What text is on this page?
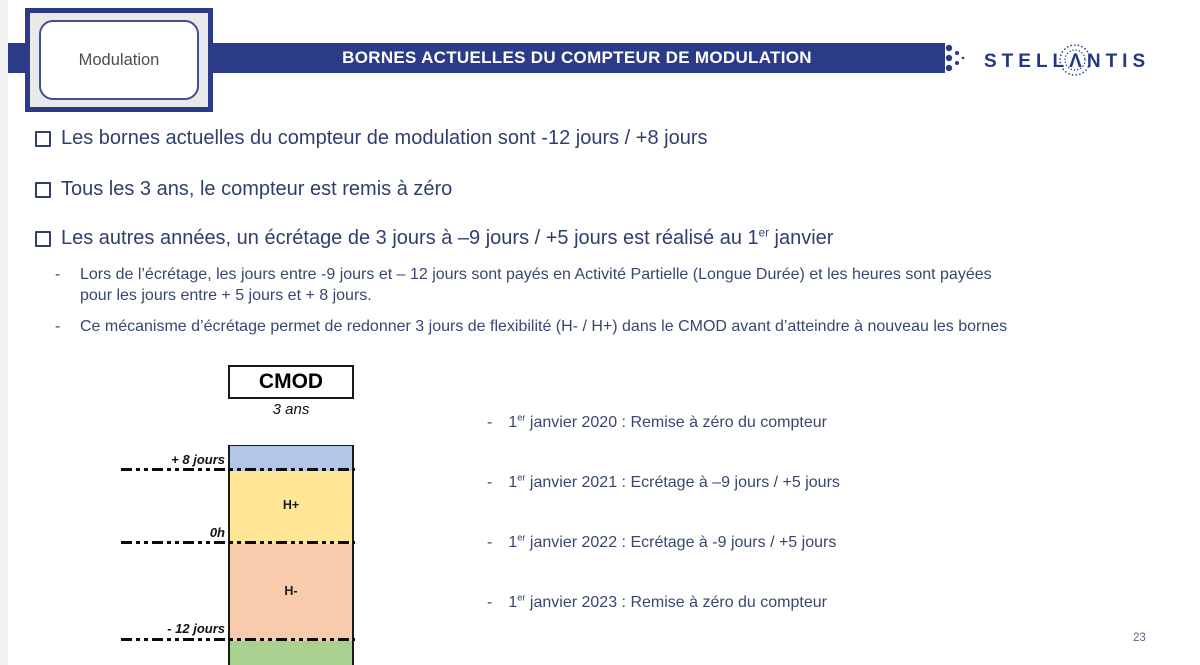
BORNES ACTUELLES DU COMPTEUR DE MODULATION
Modulation	STELLΛNTIS
Les bornes actuelles du compteur de modulation sont -12 jours / +8 jours
Tous les 3 ans, le compteur est remis à zéro
Les autres années, un écrétage de 3 jours à –9 jours / +5 jours est réalisé au 1er janvier
- Lors de l’écrétage, les jours entre -9 jours et – 12 jours sont payés en Activité Partielle (Longue Durée) et les heures sont payées
pour les jours entre + 5 jours et + 8 jours.
- Ce mécanisme d’écrétage permet de redonner 3 jours de flexibilité (H- / H+) dans le CMOD avant d’atteindre à nouveau les bornes
CMOD
3 ans
H+
H-
+ 8 jours
0h
- 12 jours
- 1er janvier 2020 : Remise à zéro du compteur
- 1er janvier 2021 : Ecrétage à –9 jours / +5 jours
- 1er janvier 2022 : Ecrétage à -9 jours / +5 jours
- 1er janvier 2023 : Remise à zéro du compteur
23
